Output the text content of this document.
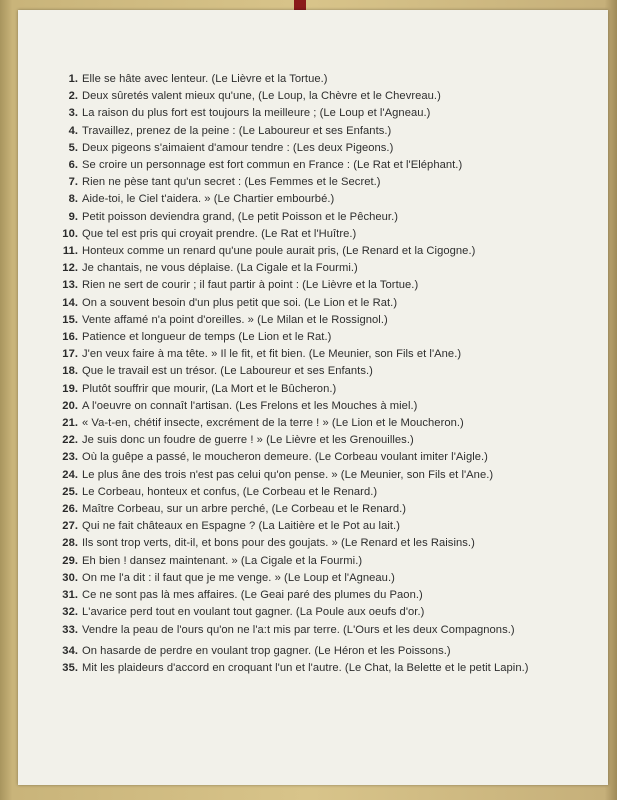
1. Elle se hâte avec lenteur. (Le Lièvre et la Tortue.)
2. Deux sûretés valent mieux qu'une, (Le Loup, la Chèvre et le Chevreau.)
3. La raison du plus fort est toujours la meilleure ; (Le Loup et l'Agneau.)
4. Travaillez, prenez de la peine : (Le Laboureur et ses Enfants.)
5. Deux pigeons s'aimaient d'amour tendre : (Les deux Pigeons.)
6. Se croire un personnage est fort commun en France : (Le Rat et l'Eléphant.)
7. Rien ne pèse tant qu'un secret : (Les Femmes et le Secret.)
8. Aide-toi, le Ciel t'aidera. » (Le Chartier embourbé.)
9. Petit poisson deviendra grand, (Le petit Poisson et le Pêcheur.)
10. Que tel est pris qui croyait prendre. (Le Rat et l'Huître.)
11. Honteux comme un renard qu'une poule aurait pris, (Le Renard et la Cigogne.)
12. Je chantais, ne vous déplaise. (La Cigale et la Fourmi.)
13. Rien ne sert de courir ; il faut partir à point : (Le Lièvre et la Tortue.)
14. On a souvent besoin d'un plus petit que soi. (Le Lion et le Rat.)
15. Vente affamé n'a point d'oreilles. » (Le Milan et le Rossignol.)
16. Patience et longueur de temps (Le Lion et le Rat.)
17. J'en veux faire à ma tête. » Il le fit, et fit bien. (Le Meunier, son Fils et l'Ane.)
18. Que le travail est un trésor. (Le Laboureur et ses Enfants.)
19. Plutôt souffrir que mourir, (La Mort et le Bûcheron.)
20. A l'oeuvre on connaît l'artisan. (Les Frelons et les Mouches à miel.)
21. « Va-t-en, chétif insecte, excrément de la terre ! » (Le Lion et le Moucheron.)
22. Je suis donc un foudre de guerre ! » (Le Lièvre et les Grenouilles.)
23. Où la guêpe a passé, le moucheron demeure. (Le Corbeau voulant imiter l'Aigle.)
24. Le plus âne des trois n'est pas celui qu'on pense. » (Le Meunier, son Fils et l'Ane.)
25. Le Corbeau, honteux et confus, (Le Corbeau et le Renard.)
26. Maître Corbeau, sur un arbre perché, (Le Corbeau et le Renard.)
27. Qui ne fait châteaux en Espagne ? (La Laitière et le Pot au lait.)
28. Ils sont trop verts, dit-il, et bons pour des goujats. » (Le Renard et les Raisins.)
29. Eh bien ! dansez maintenant. » (La Cigale et la Fourmi.)
30. On me l'a dit : il faut que je me venge. » (Le Loup et l'Agneau.)
31. Ce ne sont pas là mes affaires. (Le Geai paré des plumes du Paon.)
32. L'avarice perd tout en voulant tout gagner. (La Poule aux oeufs d'or.)
33. Vendre la peau de l'ours qu'on ne l'a:t mis par terre. (L'Ours et les deux Compagnons.)
34. On hasarde de perdre en voulant trop gagner. (Le Héron et les Poissons.)
35. Mit les plaideurs d'accord en croquant l'un et l'autre. (Le Chat, la Belette et le petit Lapin.)
